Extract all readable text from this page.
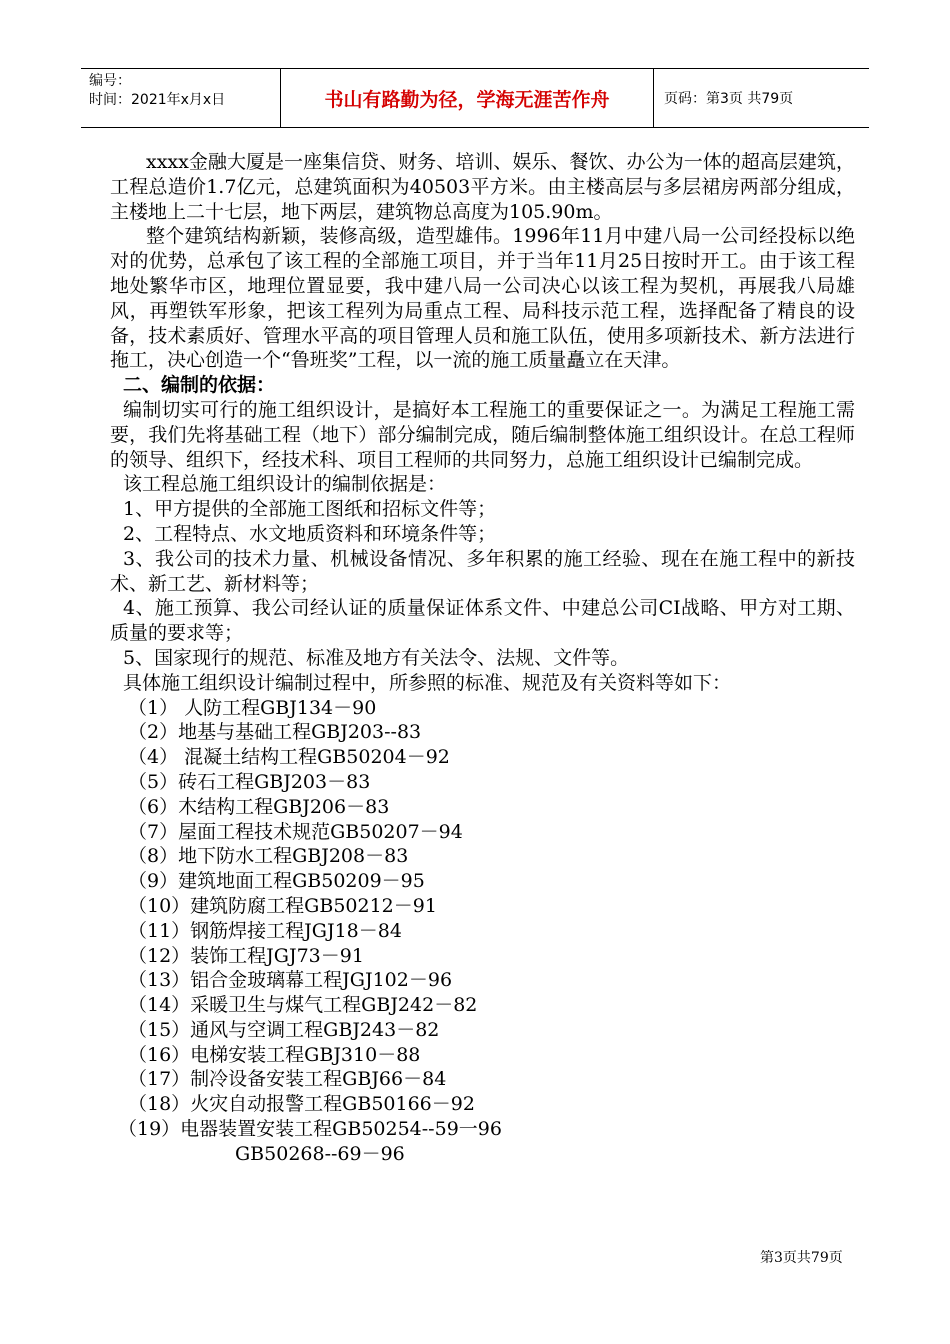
编号：
时间：2021年x月x日	书山有路勤为径，学海无涯苦作舟	页码：第3页 共79页

xxxx金融大厦是一座集信贷、财务、培训、娱乐、餐饮、办公为一体的超高层建筑，工程总造价1.7亿元，总建筑面积为40503平方米。由主楼高层与多层裙房两部分组成，主楼地上二十七层，地下两层，建筑物总高度为105.90m。

整个建筑结构新颖，装修高级，造型雄伟。1996年11月中建八局一公司经投标以绝对的优势，总承包了该工程的全部施工项目，并于当年11月25日按时开工。由于该工程地处繁华市区，地理位置显要，我中建八局一公司决心以该工程为契机，再展我八局雄风，再塑铁军形象，把该工程列为局重点工程、局科技示范工程，选择配备了精良的设备，技术素质好、管理水平高的项目管理人员和施工队伍，使用多项新技术、新方法进行拖工，决心创造一个“鲁班奖”工程，以一流的施工质量矗立在天津。

二、编制的依据：

编制切实可行的施工组织设计，是搞好本工程施工的重要保证之一。为满足工程施工需要，我们先将基础工程（地下）部分编制完成，随后编制整体施工组织设计。在总工程师的领导、组织下，经技术科、项目工程师的共同努力，总施工组织设计已编制完成。

该工程总施工组织设计的编制依据是：

1、甲方提供的全部施工图纸和招标文件等；

2、工程特点、水文地质资料和环境条件等；

3、我公司的技术力量、机械设备情况、多年积累的施工经验、现在在施工程中的新技术、新工艺、新材料等；

4、施工预算、我公司经认证的质量保证体系文件、中建总公司CI战略、甲方对工期、质量的要求等；

5、国家现行的规范、标准及地方有关法令、法规、文件等。

具体施工组织设计编制过程中，所参照的标准、规范及有关资料等如下：

（1） 人防工程GBJ134－90

（2）地基与基础工程GBJ203--83

（4） 混凝土结构工程GB50204－92

（5）砖石工程GBJ203－83

（6）木结构工程GBJ206－83

（7）屋面工程技术规范GB50207－94

（8）地下防水工程GBJ208－83

（9）建筑地面工程GB50209－95

（10）建筑防腐工程GB50212－91

（11）钢筋焊接工程JGJ18－84

（12）装饰工程JGJ73－91

（13）铝合金玻璃幕工程JGJ102－96

（14）采暖卫生与煤气工程GBJ242－82

（15）通风与空调工程GBJ243－82

（16）电梯安装工程GBJ310－88

（17）制冷设备安装工程GBJ66－84

（18）火灾自动报警工程GB50166－92

（19）电器装置安装工程GB50254--59一96

GB50268--69－96

第3页共79页
